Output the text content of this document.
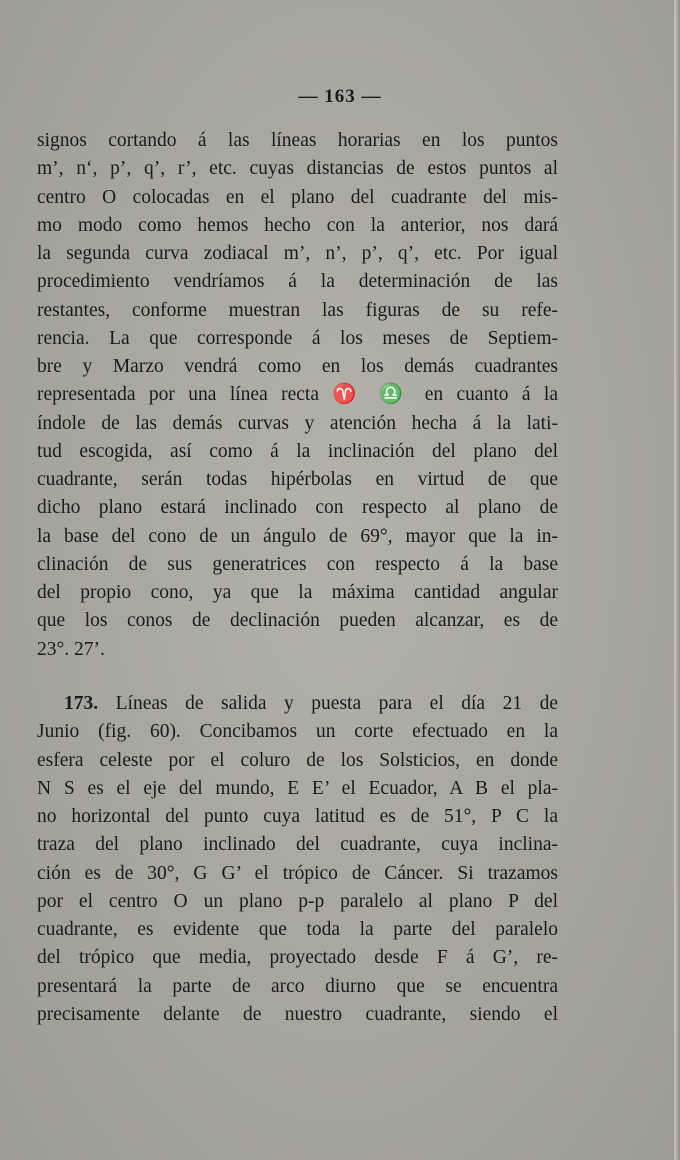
— 163 —
signos cortando á las líneas horarias en los puntos
m’, n‘, p’, q’, r’, etc. cuyas distancias de estos puntos al
centro O colocadas en el plano del cuadrante del mis-
mo modo como hemos hecho con la anterior, nos dará
la segunda curva zodiacal m’, n’, p’, q’, etc. Por igual
procedimiento vendríamos á la determinación de las
restantes, conforme muestran las figuras de su refe-
rencia. La que corresponde á los meses de Septiem-
bre y Marzo vendrá como en los demás cuadrantes
representada por una línea recta ♈ ♎ en cuanto á la
índole de las demás curvas y atención hecha á la lati-
tud escogida, así como á la inclinación del plano del
cuadrante, serán todas hipérbolas en virtud de que
dicho plano estará inclinado con respecto al plano de
la base del cono de un ángulo de 69°, mayor que la in-
clinación de sus generatrices con respecto á la base
del propio cono, ya que la máxima cantidad angular
que los conos de declinación pueden alcanzar, es de
23°. 27’.
173. Líneas de salida y puesta para el día 21 de
Junio (fig. 60). Concibamos un corte efectuado en la
esfera celeste por el coluro de los Solsticios, en donde
N S es el eje del mundo, E E’ el Ecuador, A B el pla-
no horizontal del punto cuya latitud es de 51°, P C la
traza del plano inclinado del cuadrante, cuya inclina-
ción es de 30°, G G’ el trópico de Cáncer. Si trazamos
por el centro O un plano p-p paralelo al plano P del
cuadrante, es evidente que toda la parte del paralelo
del trópico que media, proyectado desde F á G’, re-
presentará la parte de arco diurno que se encuentra
precisamente delante de nuestro cuadrante, siendo el
